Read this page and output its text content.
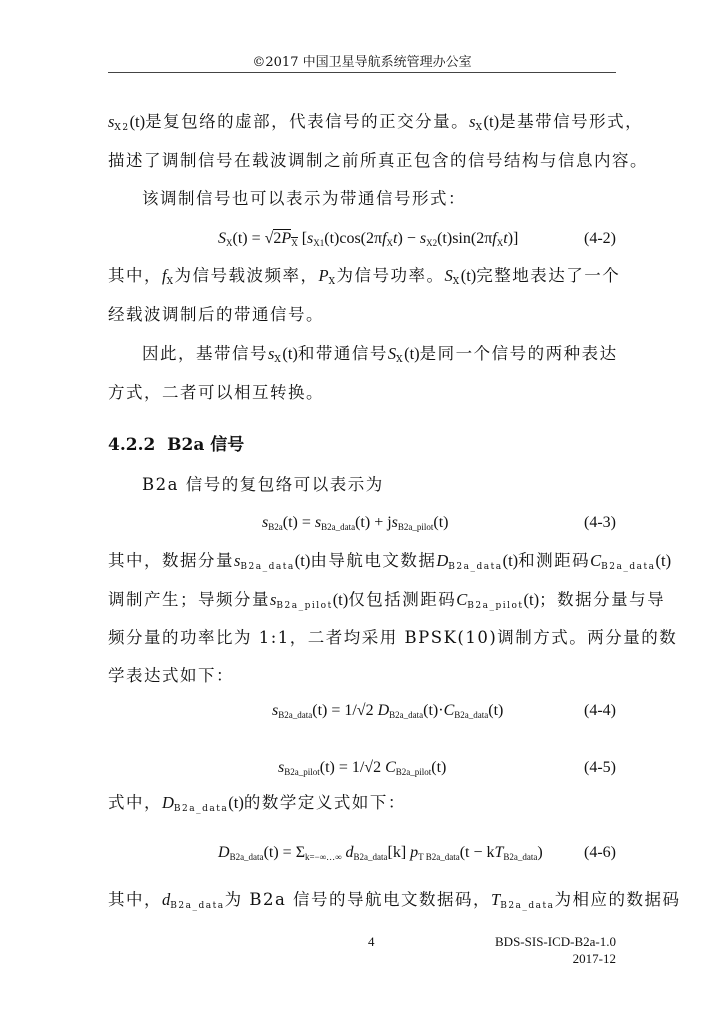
©2017 中国卫星导航系统管理办公室
$s_{X2}(t)$是复包络的虚部，代表信号的正交分量。$s_X(t)$是基带信号形式，
描述了调制信号在载波调制之前所真正包含的信号结构与信息内容。
该调制信号也可以表示为带通信号形式：
其中，$f_X$为信号载波频率，$P_X$为信号功率。$S_X(t)$完整地表达了一个
经载波调制后的带通信号。
因此，基带信号$s_X(t)$和带通信号$S_X(t)$是同一个信号的两种表达
方式，二者可以相互转换。
B2a 信号的复包络可以表示为
其中，数据分量$s_{B2a\_data}(t)$由导航电文数据$D_{B2a\_data}(t)$和测距码$C_{B2a\_data}(t)$
调制产生；导频分量$s_{B2a\_pilot}(t)$仅包括测距码$C_{B2a\_pilot}(t)$；数据分量与导
频分量的功率比为 1:1，二者均采用 BPSK(10)调制方式。两分量的数
学表达式如下：
式中，$D_{B2a\_data}(t)$的数学定义式如下：
其中，$d_{B2a\_data}$为 B2a 信号的导航电文数据码，$T_{B2a\_data}$为相应的数据码
$S_X(t) = √2P_X$ $[s_{X1}(t)\cos(2\pi f_Xt) - s_{X2}(t)\sin(2\pi f_Xt)]$	(4-2)
$s_{B2a}(t) = s_{B2a\_data}(t) + js_{B2a\_pilot}(t)$	(4-3)
$s_{B2a\_data}(t) = 1/√2$ $D_{B2a\_data}(t)\cdot C_{B2a\_data}(t)$	(4-4)
$s_{B2a\_pilot}(t) = 1/√2$ $C_{B2a\_pilot}(t)$	(4-5)
$D_{B2a\_data}(t) = \Sigma_{k=-\infty\dots\infty}$ $d_{B2a\_data}[k] p_{T B2a\_data}(t - kT_{B2a\_data})$	(4-6)
4.2.2 B2a 信号
4	BDS-SIS-ICD-B2a-1.0
2017-12
